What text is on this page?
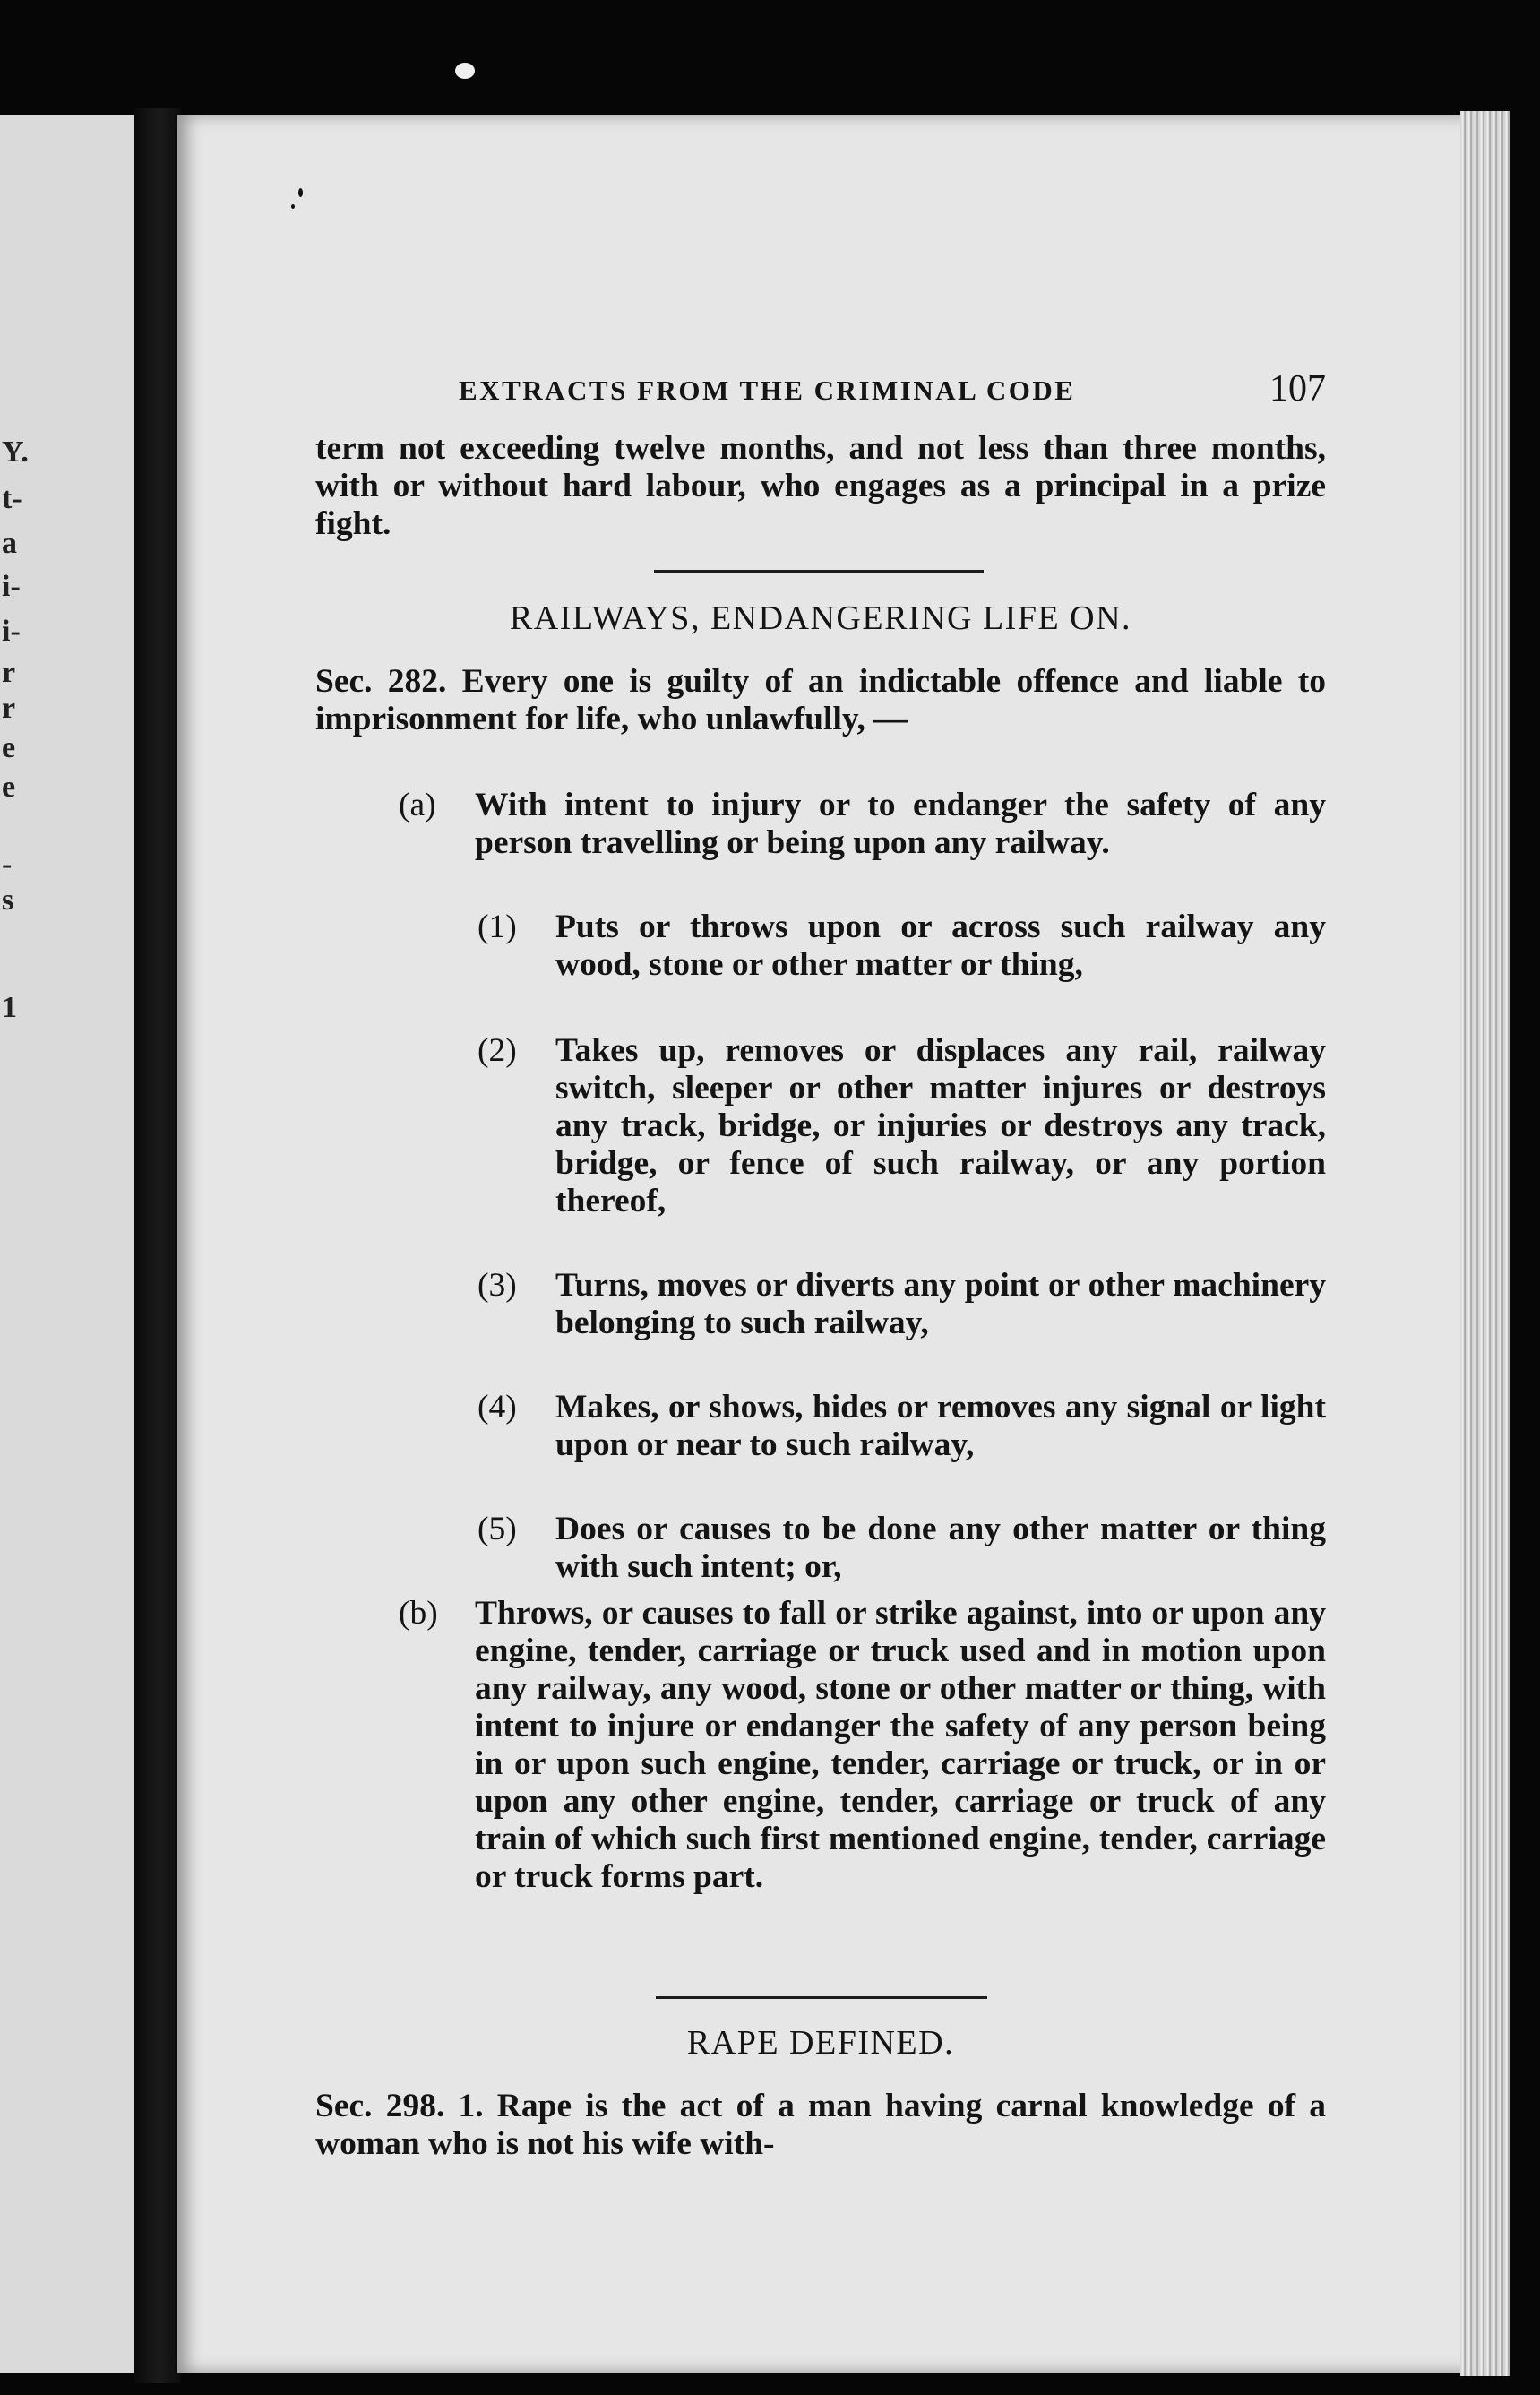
Y.
t-
a
i-
i-
r
r
e
e
-
s
1
EXTRACTS FROM THE CRIMINAL CODE	107

term not exceeding twelve months, and not less than three months, with or without hard labour, who engages as a principal in a prize fight.

RAILWAYS, ENDANGERING LIFE ON.

Sec. 282. Every one is guilty of an indictable offence and liable to imprisonment for life, who unlawfully, —

(a) With intent to injury or to endanger the safety of any person travelling or being upon any railway.
(1) Puts or throws upon or across such railway any wood, stone or other matter or thing,
(2) Takes up, removes or displaces any rail, railway switch, sleeper or other matter injures or destroys any track, bridge, or injuries or destroys any track, bridge, or fence of such railway, or any portion thereof,
(3) Turns, moves or diverts any point or other machinery belonging to such railway,
(4) Makes, or shows, hides or removes any signal or light upon or near to such railway,
(5) Does or causes to be done any other matter or thing with such intent; or,
(b) Throws, or causes to fall or strike against, into or upon any engine, tender, carriage or truck used and in motion upon any railway, any wood, stone or other matter or thing, with intent to injure or endanger the safety of any person being in or upon such engine, tender, carriage or truck, or in or upon any other engine, tender, carriage or truck of any train of which such first mentioned engine, tender, carriage or truck forms part.
RAPE DEFINED.

Sec. 298. 1. Rape is the act of a man having carnal knowledge of a woman who is not his wife with-
